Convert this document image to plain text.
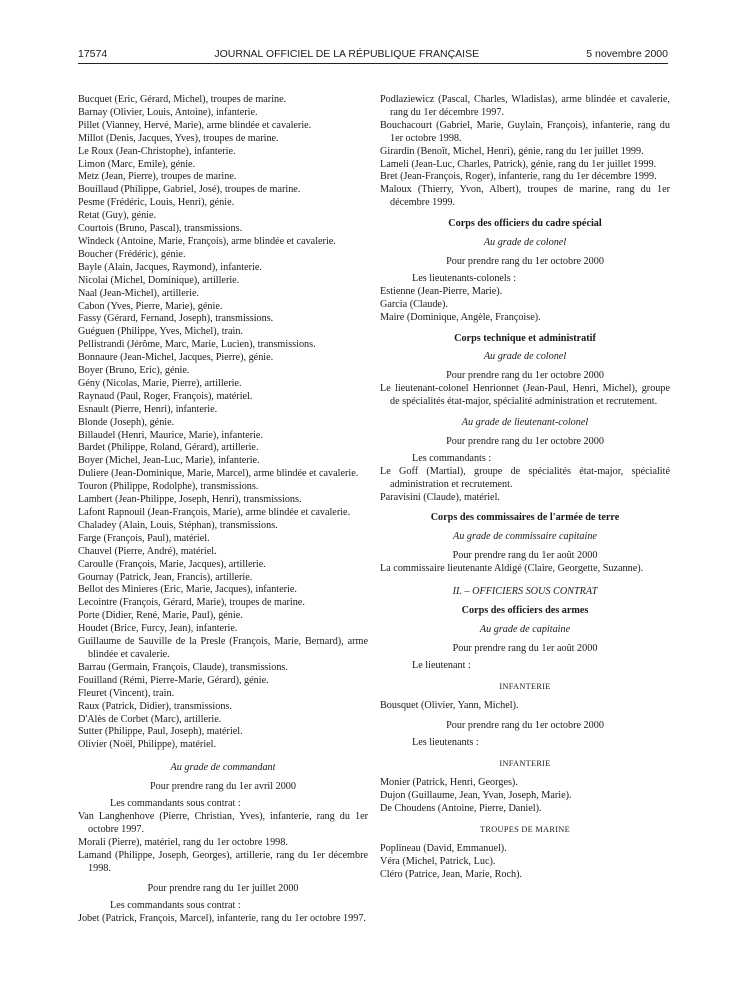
17574	JOURNAL OFFICIEL DE LA RÉPUBLIQUE FRANÇAISE	5 novembre 2000

Bucquet (Eric, Gérard, Michel), troupes de marine.

Barnay (Olivier, Louis, Antoine), infanterie.

Pillet (Vianney, Hervé, Marie), arme blindée et cavalerie.

Millot (Denis, Jacques, Yves), troupes de marine.

Le Roux (Jean-Christophe), infanterie.

Limon (Marc, Emile), génie.

Metz (Jean, Pierre), troupes de marine.

Bouillaud (Philippe, Gabriel, José), troupes de marine.

Pesme (Frédéric, Louis, Henri), génie.

Retat (Guy), génie.

Courtois (Bruno, Pascal), transmissions.

Windeck (Antoine, Marie, François), arme blindée et cavalerie.

Boucher (Frédéric), génie.

Bayle (Alain, Jacques, Raymond), infanterie.

Nicolai (Michel, Dominique), artillerie.

Naal (Jean-Michel), artillerie.

Cabon (Yves, Pierre, Marie), génie.

Fassy (Gérard, Fernand, Joseph), transmissions.

Guéguen (Philippe, Yves, Michel), train.

Pellistrandi (Jérôme, Marc, Marie, Lucien), transmissions.

Bonnaure (Jean-Michel, Jacques, Pierre), génie.

Boyer (Bruno, Eric), génie.

Gény (Nicolas, Marie, Pierre), artillerie.

Raynaud (Paul, Roger, François), matériel.

Esnault (Pierre, Henri), infanterie.

Blonde (Joseph), génie.

Billaudel (Henri, Maurice, Marie), infanterie.

Bardet (Philippe, Roland, Gérard), artillerie.

Boyer (Michel, Jean-Luc, Marie), infanterie.

Duliere (Jean-Dominique, Marie, Marcel), arme blindée et cavalerie.

Touron (Philippe, Rodolphe), transmissions.

Lambert (Jean-Philippe, Joseph, Henri), transmissions.

Lafont Rapnouil (Jean-François, Marie), arme blindée et cavalerie.

Chaladey (Alain, Louis, Stéphan), transmissions.

Farge (François, Paul), matériel.

Chauvel (Pierre, André), matériel.

Caroulle (François, Marie, Jacques), artillerie.

Gournay (Patrick, Jean, Francis), artillerie.

Bellot des Minieres (Eric, Marie, Jacques), infanterie.

Lecointre (François, Gérard, Marie), troupes de marine.

Porte (Didier, René, Marie, Paul), génie.

Houdet (Brice, Furcy, Jean), infanterie.

Guillaume de Sauville de la Presle (François, Marie, Bernard), arme blindée et cavalerie.

Barrau (Germain, François, Claude), transmissions.

Fouilland (Rémi, Pierre-Marie, Gérard), génie.

Fleuret (Vincent), train.

Raux (Patrick, Didier), transmissions.

D'Alès de Corbet (Marc), artillerie.

Sutter (Philippe, Paul, Joseph), matériel.

Olivier (Noël, Philippe), matériel.

Au grade de commandant

Pour prendre rang du 1er avril 2000

Les commandants sous contrat :

Van Langhenhove (Pierre, Christian, Yves), infanterie, rang du 1er octobre 1997.

Morali (Pierre), matériel, rang du 1er octobre 1998.

Lamand (Philippe, Joseph, Georges), artillerie, rang du 1er décembre 1998.

Pour prendre rang du 1er juillet 2000

Les commandants sous contrat :

Jobet (Patrick, François, Marcel), infanterie, rang du 1er octobre 1997.

Podlaziewicz (Pascal, Charles, Wladislas), arme blindée et cavalerie, rang du 1er décembre 1997.

Bouchacourt (Gabriel, Marie, Guylain, François), infanterie, rang du 1er octobre 1998.

Girardin (Benoît, Michel, Henri), génie, rang du 1er juillet 1999.

Lameli (Jean-Luc, Charles, Patrick), génie, rang du 1er juillet 1999.

Bret (Jean-François, Roger), infanterie, rang du 1er décembre 1999.

Maloux (Thierry, Yvon, Albert), troupes de marine, rang du 1er décembre 1999.

Corps des officiers du cadre spécial

Au grade de colonel

Pour prendre rang du 1er octobre 2000

Les lieutenants-colonels :

Estienne (Jean-Pierre, Marie).

Garcia (Claude).

Maire (Dominique, Angèle, Françoise).

Corps technique et administratif

Au grade de colonel

Pour prendre rang du 1er octobre 2000

Le lieutenant-colonel Henrionnet (Jean-Paul, Henri, Michel), groupe de spécialités état-major, spécialité administration et recrutement.

Au grade de lieutenant-colonel

Pour prendre rang du 1er octobre 2000

Les commandants :

Le Goff (Martial), groupe de spécialités état-major, spécialité administration et recrutement.

Paravisini (Claude), matériel.

Corps des commissaires de l'armée de terre

Au grade de commissaire capitaine

Pour prendre rang du 1er août 2000

La commissaire lieutenante Aldigé (Claire, Georgette, Suzanne).

II. – OFFICIERS SOUS CONTRAT

Corps des officiers des armes

Au grade de capitaine

Pour prendre rang du 1er août 2000

Le lieutenant :

INFANTERIE

Bousquet (Olivier, Yann, Michel).

Pour prendre rang du 1er octobre 2000

Les lieutenants :

INFANTERIE

Monier (Patrick, Henri, Georges).

Dujon (Guillaume, Jean, Yvan, Joseph, Marie).

De Choudens (Antoine, Pierre, Daniel).

TROUPES DE MARINE

Poplineau (David, Emmanuel).

Véra (Michel, Patrick, Luc).

Cléro (Patrice, Jean, Marie, Roch).
